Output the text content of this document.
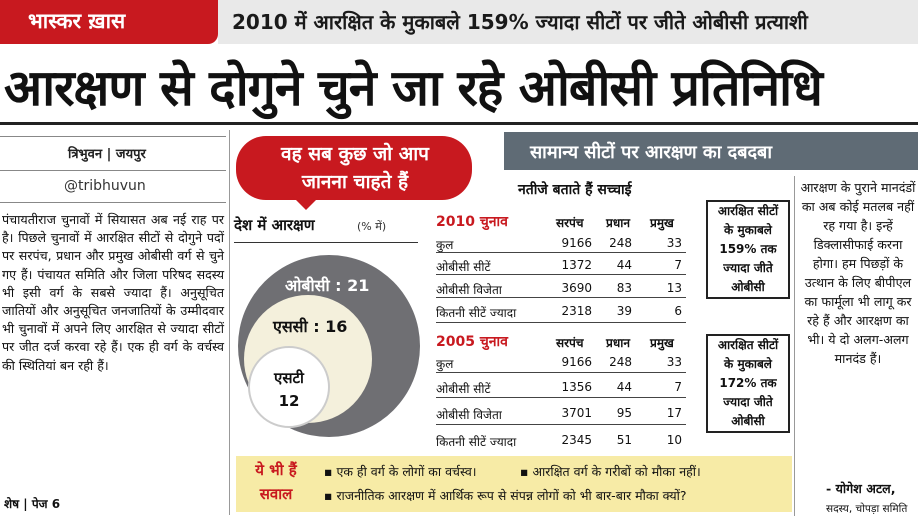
भास्कर ख़ास	2010 में आरक्षित के मुकाबले 159% ज्यादा सीटों पर जीते ओबीसी प्रत्याशी
आरक्षण से दोगुने चुने जा रहे ओबीसी प्रतिनिधि
त्रिभुवन | जयपुर
@tribhuvun
पंचायतीराज चुनावों में सियासत अब नई राह पर है। पिछले चुनावों में आरक्षित सीटों से दोगुने पदों पर सरपंच, प्रधान और प्रमुख ओबीसी वर्ग से चुने गए हैं। पंचायत समिति और जिला परिषद सदस्य भी इसी वर्ग के सबसे ज्यादा हैं। अनुसूचित जातियों और अनुसूचित जनजातियों के उम्मीदवार भी चुनावों में अपने लिए आरक्षित से ज्यादा सीटों पर जीत दर्ज करवा रहे हैं। एक ही वर्ग के वर्चस्व की स्थितियां बन रही हैं।
शेष | पेज 6
वह सब कुछ जो आप
जानना चाहते हैं
सामान्य सीटों पर आरक्षण का दबदबा
देश में आरक्षण	(% में)
ओबीसी : 21
एससी : 16
एसटी
12
नतीजे बताते हैं सच्चाई
2010 चुनाव	सरपंच प्रधान प्रमुख
कुल	9166	248	33
ओबीसी सीटें	1372	44	7
ओबीसी विजेता	3690	83	13
कितनी सीटें ज्यादा	2318	39	6
2005 चुनाव	सरपंच प्रधान प्रमुख
कुल	9166	248	33
ओबीसी सीटें	1356	44	7
ओबीसी विजेता	3701	95	17
कितनी सीटें ज्यादा	2345	51	10
आरक्षित सीटों
के मुकाबले
159% तक
ज्यादा जीते
ओबीसी
आरक्षित सीटों
के मुकाबले
172% तक
ज्यादा जीते
ओबीसी
आरक्षण के पुराने मानदंडों का अब कोई मतलब नहीं रह गया है। इन्हें डिक्लासीफाई करना होगा। हम पिछड़ों के उत्थान के लिए बीपीएल का फार्मूला भी लागू कर रहे हैं और आरक्षण का भी। ये दो अलग-अलग मानदंड हैं।
- योगेश अटल,
सदस्य, चोपड़ा समिति
ये भी हैं
सवाल
▪ एक ही वर्ग के लोगों का वर्चस्व।	▪ आरक्षित वर्ग के गरीबों को मौका नहीं।
▪ राजनीतिक आरक्षण में आर्थिक रूप से संपन्न लोगों को भी बार-बार मौका क्यों?
